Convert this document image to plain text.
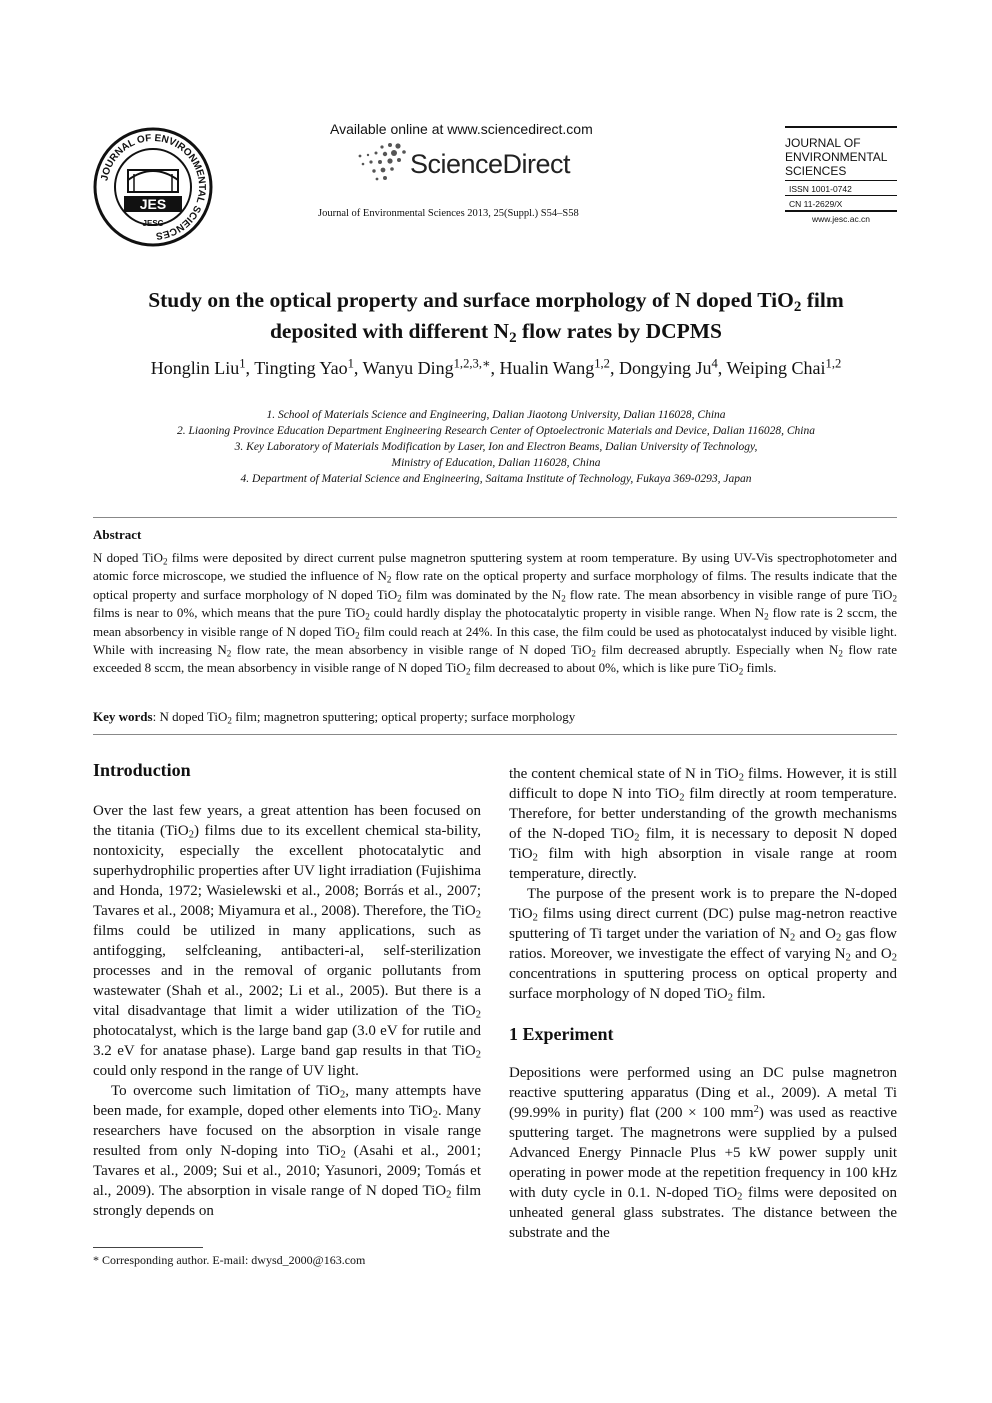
JOURNAL OF ENVIRONMENTAL SCIENCES
JES
JESC
Available online at www.sciencedirect.com
ScienceDirect
Journal of Environmental Sciences 2013, 25(Suppl.) S54–S58
JOURNAL OF
ENVIRONMENTAL
SCIENCES
ISSN 1001-0742
CN 11-2629/X
www.jesc.ac.cn
Study on the optical property and surface morphology of N doped TiO$_2$ film
deposited with different $N_2$ flow rates by DCPMS
Honglin Liu$^1$, Tingting Yao$^1$, Wanyu Ding$^{1,2,3,∗}$, Hualin Wang$^{1,2}$, Dongying Ju$^4$, Weiping Chai$^{1,2}$
1. School of Materials Science and Engineering, Dalian Jiaotong University, Dalian 116028, China
2. Liaoning Province Education Department Engineering Research Center of Optoelectronic Materials and Device, Dalian 116028, China
3. Key Laboratory of Materials Modification by Laser, Ion and Electron Beams, Dalian University of Technology,
Ministry of Education, Dalian 116028, China
4. Department of Material Science and Engineering, Saitama Institute of Technology, Fukaya 369-0293, Japan
Abstract
N doped TiO$_2$ films were deposited by direct current pulse magnetron sputtering system at room temperature. By using UV-Vis spectrophotometer and atomic force microscope, we studied the influence of $N_2$ flow rate on the optical property and surface morphology of films. The results indicate that the optical property and surface morphology of N doped TiO$_2$ film was dominated by the $N_2$ flow rate. The mean absorbency in visible range of pure TiO$_2$ films is near to 0%, which means that the pure TiO$_2$ could hardly display the photocatalytic property in visible range. When $N_2$ flow rate is 2 sccm, the mean absorbency in visible range of N doped TiO$_2$ film could reach at 24%. In this case, the film could be used as photocatalyst induced by visible light. While with increasing $N_2$ flow rate, the mean absorbency in visible range of N doped TiO$_2$ film decreased abruptly. Especially when $N_2$ flow rate exceeded 8 sccm, the mean absorbency in visible range of N doped TiO$_2$ film decreased to about 0%, which is like pure TiO$_2$ fimls.
Key words: N doped TiO$_2$ film; magnetron sputtering; optical property; surface morphology
Introduction

Over the last few years, a great attention has been focused on the titania (TiO$_2$) films due to its excellent chemical sta-bility, nontoxicity, especially the excellent photocatalytic and superhydrophilic properties after UV light irradiation (Fujishima and Honda, 1972; Wasielewski et al., 2008; Borrás et al., 2007; Tavares et al., 2008; Miyamura et al., 2008). Therefore, the TiO$_2$ films could be utilized in many applications, such as antifogging, selfcleaning, antibacteri-al, self-sterilization processes and in the removal of organic pollutants from wastewater (Shah et al., 2002; Li et al., 2005). But there is a vital disadvantage that limit a wider utilization of the TiO$_2$ photocatalyst, which is the large band gap (3.0 eV for rutile and 3.2 eV for anatase phase). Large band gap results in that TiO$_2$ could only respond in the range of UV light.

To overcome such limitation of TiO$_2$, many attempts have been made, for example, doped other elements into TiO$_2$. Many researchers have focused on the absorption in visale range resulted from only N-doping into TiO$_2$ (Asahi et al., 2001; Tavares et al., 2009; Sui et al., 2010; Yasunori, 2009; Tomás et al., 2009). The absorption in visale range of N doped TiO$_2$ film strongly depends on

the content chemical state of N in TiO$_2$ films. However, it is still difficult to dope N into TiO$_2$ film directly at room temperature. Therefore, for better understanding of the growth mechanisms of the N-doped TiO$_2$ film, it is necessary to deposit N doped TiO$_2$ film with high absorption in visale range at room temperature, directly.

The purpose of the present work is to prepare the N-doped TiO$_2$ films using direct current (DC) pulse mag-netron reactive sputtering of Ti target under the variation of $N_2$ and $O_2$ gas flow ratios. Moreover, we investigate the effect of varying $N_2$ and $O_2$ concentrations in sputtering process on optical property and surface morphology of N doped TiO$_2$ film.

1 Experiment

Depositions were performed using an DC pulse magnetron reactive sputtering apparatus (Ding et al., 2009). A metal Ti (99.99% in purity) flat (200 × 100 $mm^2$) was used as reactive sputtering target. The magnetrons were supplied by a pulsed Advanced Energy Pinnacle Plus +5 kW power supply unit operating in power mode at the repetition frequency in 100 kHz with duty cycle in 0.1. N-doped TiO$_2$ films were deposited on unheated general glass substrates. The distance between the substrate and the

* Corresponding author. E-mail: dwysd_2000@163.com
